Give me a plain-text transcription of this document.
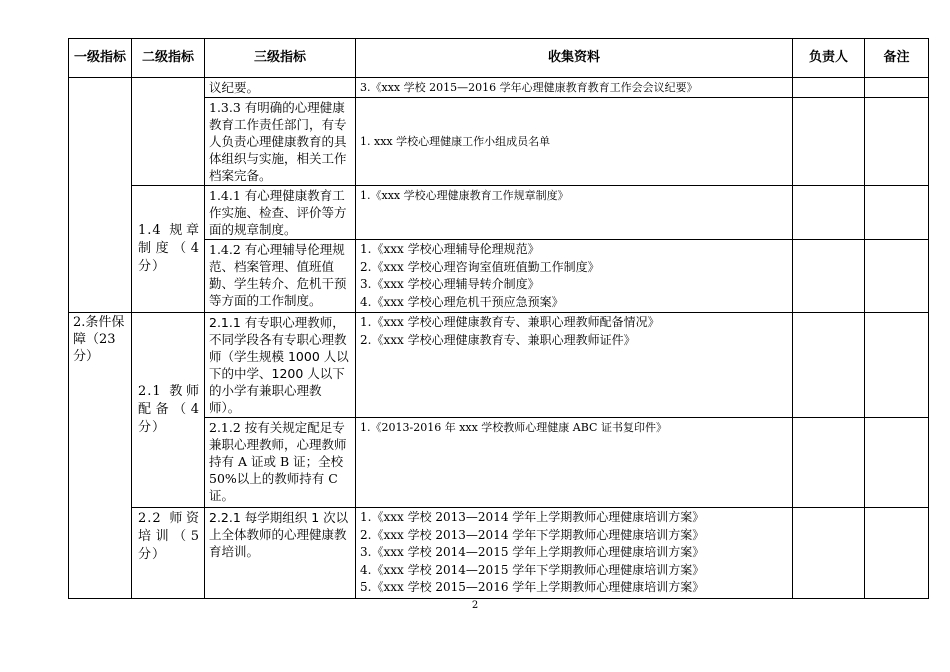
一级指标	二级指标	三级指标	收集资料	负责人	备注
		议纪要。	3.《xxx 学校 2015—2016 学年心理健康教育教育工作会会议纪要》		

		1.3.3 有明确的心理健康教育工作责任部门，有专人负责心理健康教育的具体组织与实施，相关工作档案完备。	1. xxx 学校心理健康工作小组成员名单		

	1.4 规章制度（4分）	1.4.1 有心理健康教育工作实施、检查、评价等方面的规章制度。	1.《xxx 学校心理健康教育工作规章制度》		

		1.4.2 有心理辅导伦理规范、档案管理、值班值勤、学生转介、危机干预等方面的工作制度。	1.《xxx 学校心理辅导伦理规范》
2.《xxx 学校心理咨询室值班值勤工作制度》
3.《xxx 学校心理辅导转介制度》
4.《xxx 学校心理危机干预应急预案》		

2.条件保障（23分）	2.1 教师配备（4分）	2.1.1 有专职心理教师，不同学段各有专职心理教师（学生规模 1000 人以下的中学、1200 人以下的小学有兼职心理教师）。	1.《xxx 学校心理健康教育专、兼职心理教师配备情况》
2.《xxx 学校心理健康教育专、兼职心理教师证件》		

		2.1.2 按有关规定配足专兼职心理教师，心理教师持有 A 证或 B 证；全校 50%以上的教师持有 C 证。	1.《2013-2016 年 xxx 学校教师心理健康 ABC 证书复印件》		

	2.2 师资培训（5分）	2.2.1 每学期组织 1 次以上全体教师的心理健康教育培训。	1.《xxx 学校 2013—2014 学年上学期教师心理健康培训方案》
2.《xxx 学校 2013—2014 学年下学期教师心理健康培训方案》
3.《xxx 学校 2014—2015 学年上学期教师心理健康培训方案》
4.《xxx 学校 2014—2015 学年下学期教师心理健康培训方案》
5.《xxx 学校 2015—2016 学年上学期教师心理健康培训方案》		

2
